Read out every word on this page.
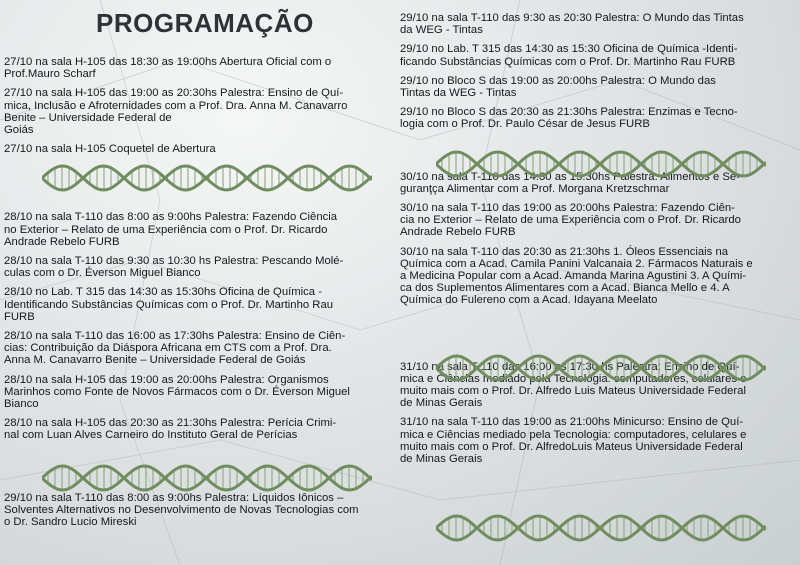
PROGRAMAÇÃO

27/10 na sala H-105 das 18:30 as 19:00hs Abertura Oficial com o
Prof.Mauro Scharf

27/10 na sala H-105 das 19:00 as 20:30hs Palestra: Ensino de Quí-
mica, Inclusão e Afroternidades com a Prof. Dra. Anna M. Canavarro
Benite – Universidade Federal de
Goiás

27/10 na sala H-105 Coquetel de Abertura

28/10 na sala T-110 das 8:00 as 9:00hs Palestra: Fazendo Ciência
no Exterior – Relato de uma Experiência com o Prof. Dr. Ricardo
Andrade Rebelo FURB

28/10 na sala T-110 das 9:30 as 10:30 hs Palestra: Pescando Molé-
culas com o Dr. Éverson Miguel Bianco

28/10 no Lab. T 315 das 14:30 as 15:30hs Oficina de Química -
Identificando Substâncias Químicas com o Prof. Dr. Martinho Rau
FURB

28/10 na sala T-110 das 16:00 as 17:30hs Palestra: Ensino de Ciên-
cias: Contribuição da Diáspora Africana em CTS com a Prof. Dra.
Anna M. Canavarro Benite – Universidade Federal de Goiás

28/10 na sala H-105 das 19:00 as 20:00hs Palestra: Organismos
Marinhos como Fonte de Novos Fármacos com o Dr. Éverson Miguel
Bianco

28/10 na sala H-105 das 20:30 as 21:30hs Palestra: Perícia Crimi-
nal com Luan Alves Carneiro do Instituto Geral de Perícias

29/10 na sala T-110 das 8:00 as 9:00hs Palestra: Líquidos Iônicos –
Solventes Alternativos no Desenvolvimento de Novas Tecnologias com
o Dr. Sandro Lucio Mireski

29/10 na sala T-110 das 9:30 as 20:30 Palestra: O Mundo das Tintas
da WEG - Tintas

29/10 no Lab. T 315 das 14:30 as 15:30 Oficina de Química -Identi-
ficando Substâncias Químicas com o Prof. Dr. Martinho Rau FURB

29/10 no Bloco S das 19:00 as 20:00hs Palestra: O Mundo das
Tintas da WEG - Tintas

29/10 no Bloco S das 20:30 as 21:30hs Palestra: Enzimas e Tecno-
logia com o Prof. Dr. Paulo César de Jesus FURB

30/10 na sala T-110 das 14:30 as 15:30hs Palestra: Alimentos e Se-
guranţça Alimentar com a Prof. Morgana Kretzschmar

30/10 na sala T-110 das 19:00 as 20:00hs Palestra: Fazendo Ciên-
cia no Exterior – Relato de uma Experiência com o Prof. Dr. Ricardo
Andrade Rebelo FURB

30/10 na sala T-110 das 20:30 as 21:30hs 1. Óleos Essenciais na
Química com a Acad. Camila Panini Valcanaia 2. Fármacos Naturais e
a Medicina Popular com a Acad. Amanda Marina Agustini 3. A Quími-
ca dos Suplementos Alimentares com a Acad. Bianca Mello e 4. A
Química do Fulereno com a Acad. Idayana Meelato

31/10 na sala T-110 das 16:00 17:30 hs Ensino
mica e Ciências mediado pela computadores, celulares
muito mais com o Prof. Dr. Alfredo Luis Mateus Universidade Federal
de Minas Gerais

31/10 na sala T-110 das 19:00 as 21:00hs Minicurso: Ensino de Quí-
mica e Ciências mediado pela Tecnologia: computadores, celulares e
muito mais com o Prof. Dr. AlfredoLuis Mateus Universidade Federal
de Minas Gerais
